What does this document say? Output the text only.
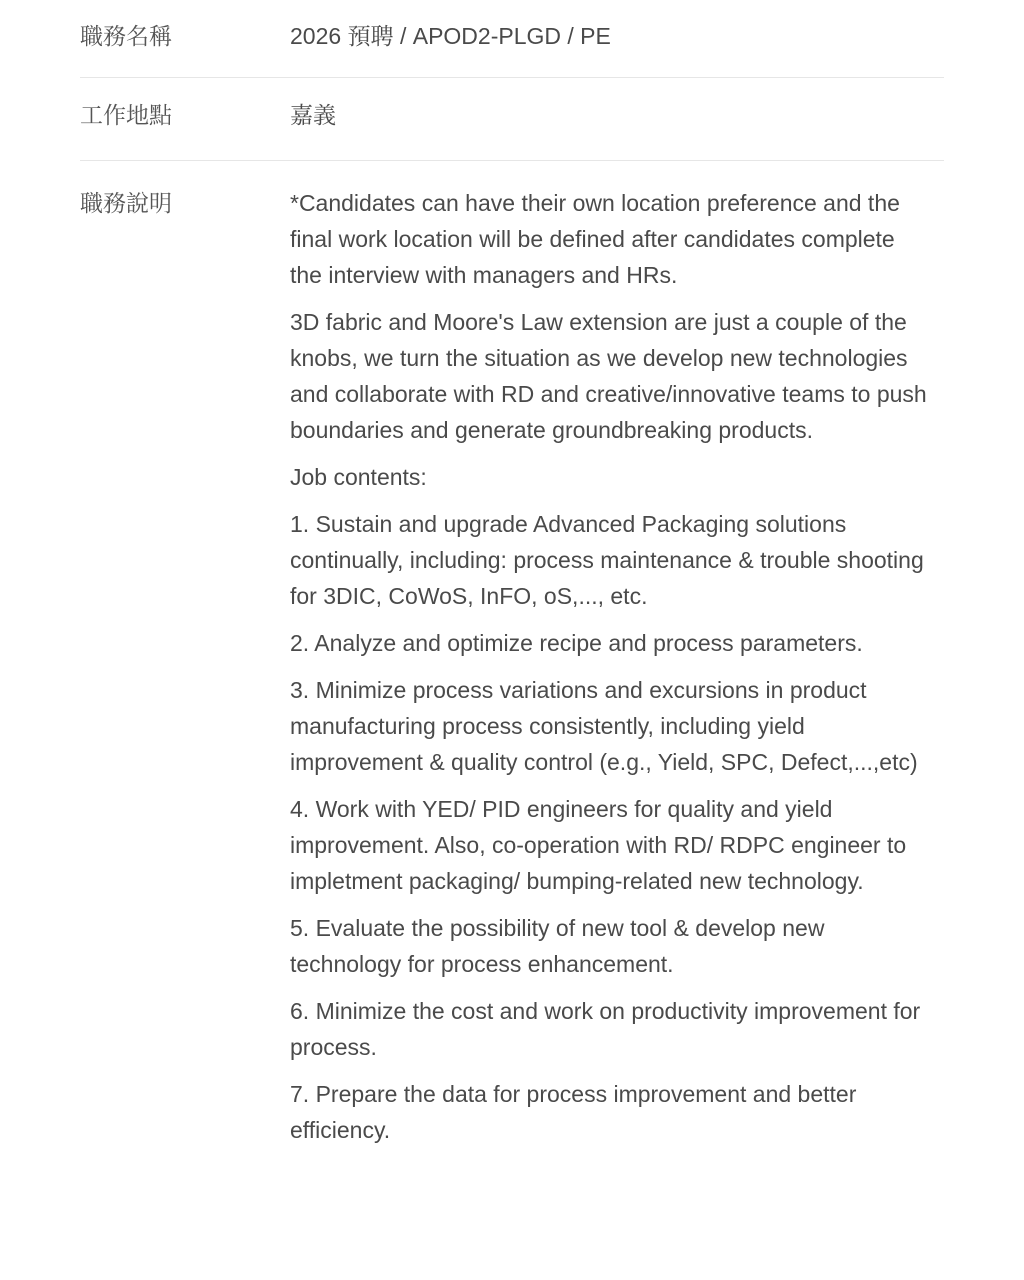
職務名稱	2026 預聘 / APOD2-PLGD / PE
工作地點	嘉義
職務說明	*Candidates can have their own location preference and the final work location will be defined after candidates complete the interview with managers and HRs.

3D fabric and Moore's Law extension are just a couple of the knobs, we turn the situation as we develop new technologies and collaborate with RD and creative/innovative teams to push boundaries and generate groundbreaking products.

Job contents:

1. Sustain and upgrade Advanced Packaging solutions continually, including: process maintenance & trouble shooting for 3DIC, CoWoS, InFO, oS,..., etc.

2. Analyze and optimize recipe and process parameters.

3. Minimize process variations and excursions in product manufacturing process consistently, including yield improvement & quality control (e.g., Yield, SPC, Defect,...,etc)

4. Work with YED/ PID engineers for quality and yield improvement. Also, co-operation with RD/ RDPC engineer to impletment packaging/ bumping-related new technology.

5. Evaluate the possibility of new tool & develop new technology for process enhancement.

6. Minimize the cost and work on productivity improvement for process.

7. Prepare the data for process improvement and better efficiency.
